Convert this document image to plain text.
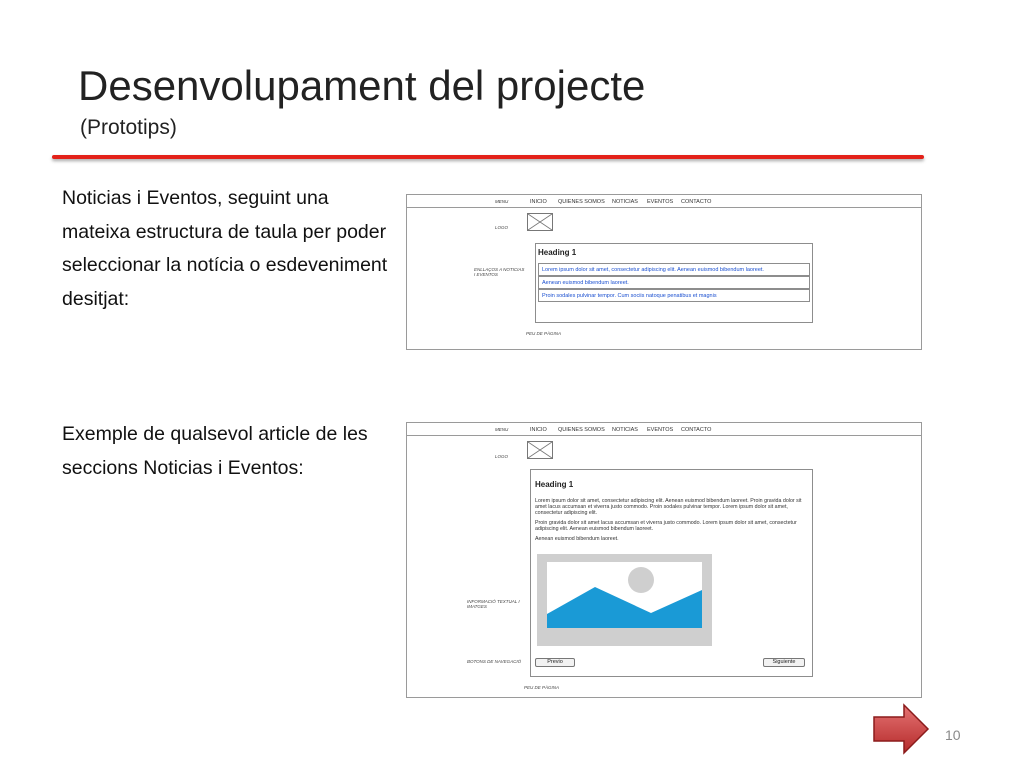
Desenvolupament del projecte
(Prototips)
Noticias i Eventos, seguint una mateixa estructura de taula per poder seleccionar la notícia o esdeveniment desitjat:
Exemple de qualsevol article de les seccions Noticias i Eventos:
MENU	INICIO QUIENES SOMOS NOTICIAS EVENTOS CONTACTO
LOGO
ENLLAÇOS A NOTICIAS I EVENTOS
Heading 1
Lorem ipsum dolor sit amet, consectetur adipiscing elit. Aenean euismod bibendum laoreet.
Aenean euismod bibendum laoreet.
Proin sodales pulvinar tempor. Cum sociis natoque penatibus et magnis
PEU DE PÀGINA
MENU	INICIO QUIENES SOMOS NOTICIAS EVENTOS CONTACTO
LOGO
Heading 1
Lorem ipsum dolor sit amet, consectetur adipiscing elit. Aenean euismod bibendum laoreet. Proin gravida dolor sit amet lacus accumsan et viverra justo commodo. Proin sodales pulvinar tempor. Lorem ipsum dolor sit amet, consectetur adipiscing elit.
Proin gravida dolor sit amet lacus accumsan et viverra justo commodo. Lorem ipsum dolor sit amet, consectetur adipiscing elit. Aenean euismod bibendum laoreet.
Aenean euismod bibendum laoreet.
Previo	Siguiente
INFORMACIÓ TEXTUAL I IMATGES
BOTONS DE NAVEGACIÓ
PEU DE PÀGINA
10
